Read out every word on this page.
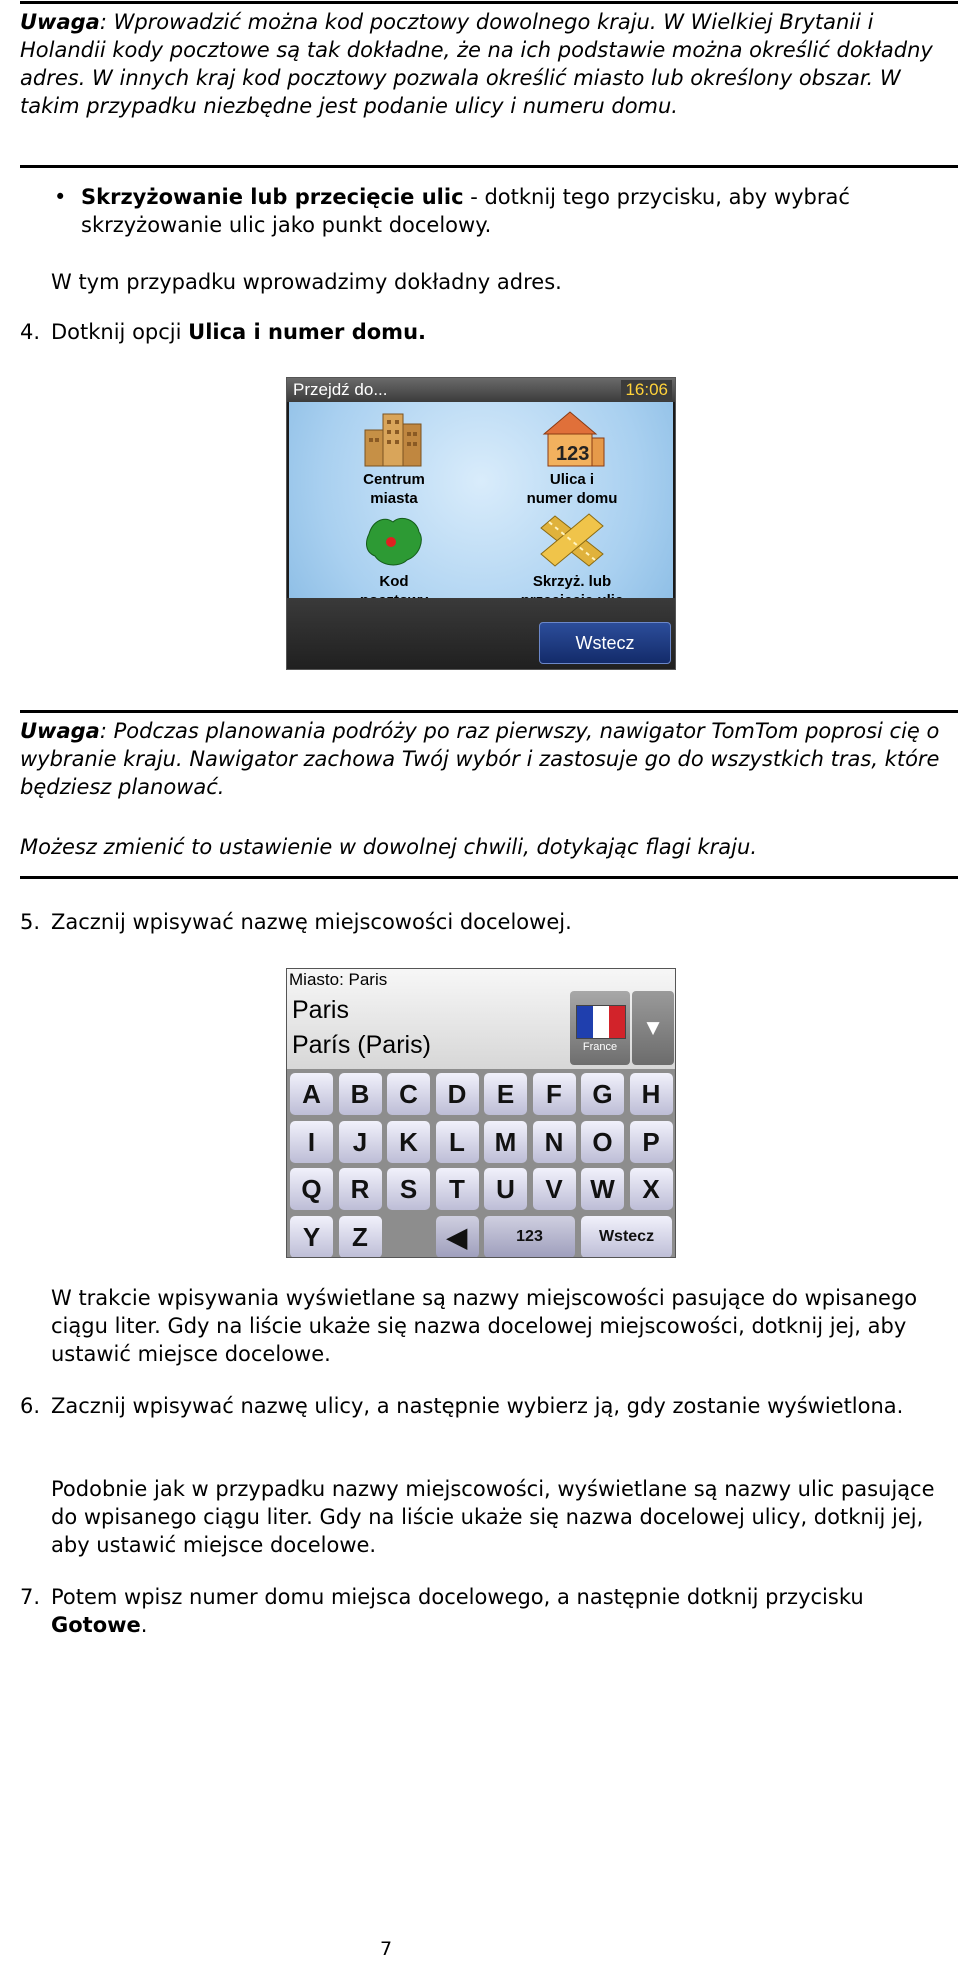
Uwaga: Wprowadzić można kod pocztowy dowolnego kraju. W Wielkiej Brytanii i Holandii kody pocztowe są tak dokładne, że na ich podstawie można określić dokładny adres. W innych kraj kod pocztowy pozwala określić miasto lub określony obszar. W takim przypadku niezbędne jest podanie ulicy i numeru domu.

• Skrzyżowanie lub przecięcie ulic - dotknij tego przycisku, aby wybrać skrzyżowanie ulic jako punkt docelowy.

W tym przypadku wprowadzimy dokładny adres.

4. Dotknij opcji Ulica i numer domu.

Przejdź do...	16:06
Centrum
miasta
123
Ulica i
numer domu
Kod	Skrzyż. lub

Wstecz

Uwaga: Podczas planowania podróży po raz pierwszy, nawigator TomTom poprosi cię o wybranie kraju. Nawigator zachowa Twój wybór i zastosuje go do wszystkich tras, które będziesz planować.

Możesz zmienić to ustawienie w dowolnej chwili, dotykając flagi kraju.

5. Zacznij wpisywać nazwę miejscowości docelowej.

Miasto: Paris
Paris
París (Paris)	France
▼
A	B	C	D	E	F	G	H
I	J	K	L	M	N	O	P
Q	R	S	T	U	V	W	X
Y	Z	◀	123	Wstecz

W trakcie wpisywania wyświetlane są nazwy miejscowości pasujące do wpisanego ciągu liter. Gdy na liście ukaże się nazwa docelowej miejscowości, dotknij jej, aby ustawić miejsce docelowe.

6. Zacznij wpisywać nazwę ulicy, a następnie wybierz ją, gdy zostanie wyświetlona.

Podobnie jak w przypadku nazwy miejscowości, wyświetlane są nazwy ulic pasujące do wpisanego ciągu liter. Gdy na liście ukaże się nazwa docelowej ulicy, dotknij jej, aby ustawić miejsce docelowe.

7. Potem wpisz numer domu miejsca docelowego, a następnie dotknij przycisku Gotowe.

7
